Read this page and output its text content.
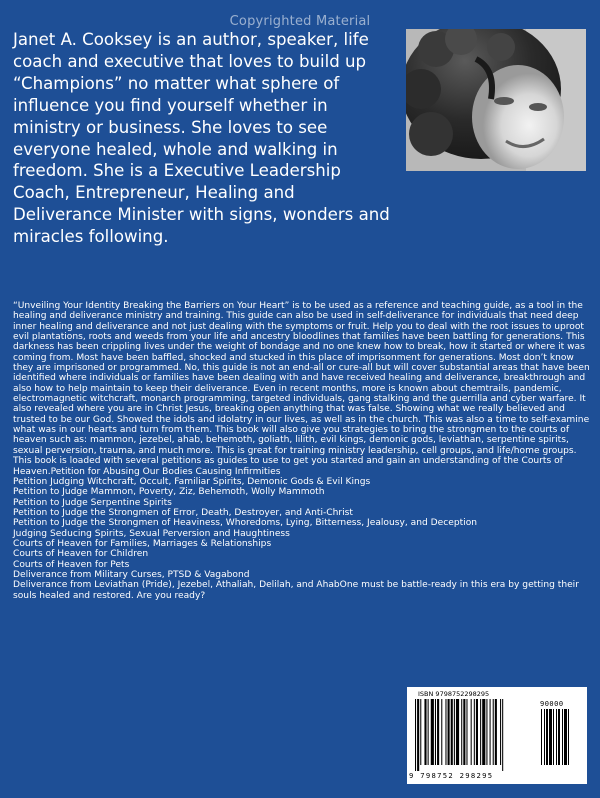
Copyrighted Material

Janet A. Cooksey is an author, speaker, life coach and executive that loves to build up “Champions” no matter what sphere of influence you find yourself whether in ministry or business. She loves to see everyone healed, whole and walking in freedom. She is a Executive Leadership Coach, Entrepreneur, Healing and Deliverance Minister with signs, wonders and miracles following.

“Unveiling Your Identity Breaking the Barriers on Your Heart” is to be used as a reference and teaching guide, as a tool in the healing and deliverance ministry and training. This guide can also be used in self-deliverance for individuals that need deep inner healing and deliverance and not just dealing with the symptoms or fruit. Help you to deal with the root issues to uproot evil plantations, roots and weeds from your life and ancestry bloodlines that families have been battling for generations. This darkness has been crippling lives under the weight of bondage and no one knew how to break, how it started or where it was coming from. Most have been baffled, shocked and stucked in this place of imprisonment for generations. Most don’t know they are imprisoned or programmed. No, this guide is not an end-all or cure-all but will cover substantial areas that have been identified where individuals or families have been dealing with and have received healing and deliverance, breakthrough and also how to help maintain to keep their deliverance. Even in recent months, more is known about chemtrails, pandemic, electromagnetic witchcraft, monarch programming, targeted individuals, gang stalking and the guerrilla and cyber warfare. It also revealed where you are in Christ Jesus, breaking open anything that was false. Showing what we really believed and trusted to be our God. Showed the idols and idolatry in our lives, as well as in the church. This was also a time to self-examine what was in our hearts and turn from them. This book will also give you strategies to bring the strongmen to the courts of heaven such as: mammon, jezebel, ahab, behemoth, goliath, lilith, evil kings, demonic gods, leviathan, serpentine spirits, sexual perversion, trauma, and much more. This is great for training ministry leadership, cell groups, and life/home groups. This book is loaded with several petitions as guides to use to get you started and gain an understanding of the Courts of Heaven.Petition for Abusing Our Bodies Causing Infirmities
Petition Judging Witchcraft, Occult, Familiar Spirits, Demonic Gods & Evil Kings
Petition to Judge Mammon, Poverty, Ziz, Behemoth, Wolly Mammoth
Petition to Judge Serpentine Spirits
Petition to Judge the Strongmen of Error, Death, Destroyer, and Anti-Christ
Petition to Judge the Strongmen of Heaviness, Whoredoms, Lying, Bitterness, Jealousy, and Deception
Judging Seducing Spirits, Sexual Perversion and Haughtiness
Courts of Heaven for Families, Marriages & Relationships
Courts of Heaven for Children
Courts of Heaven for Pets
Deliverance from Military Curses, PTSD & Vagabond
Deliverance from Leviathan (Pride), Jezebel, Athaliah, Delilah, and AhabOne must be battle-ready in this era by getting their souls healed and restored. Are you ready?
ISBN 9798752298295
90000
9 798752 298295
